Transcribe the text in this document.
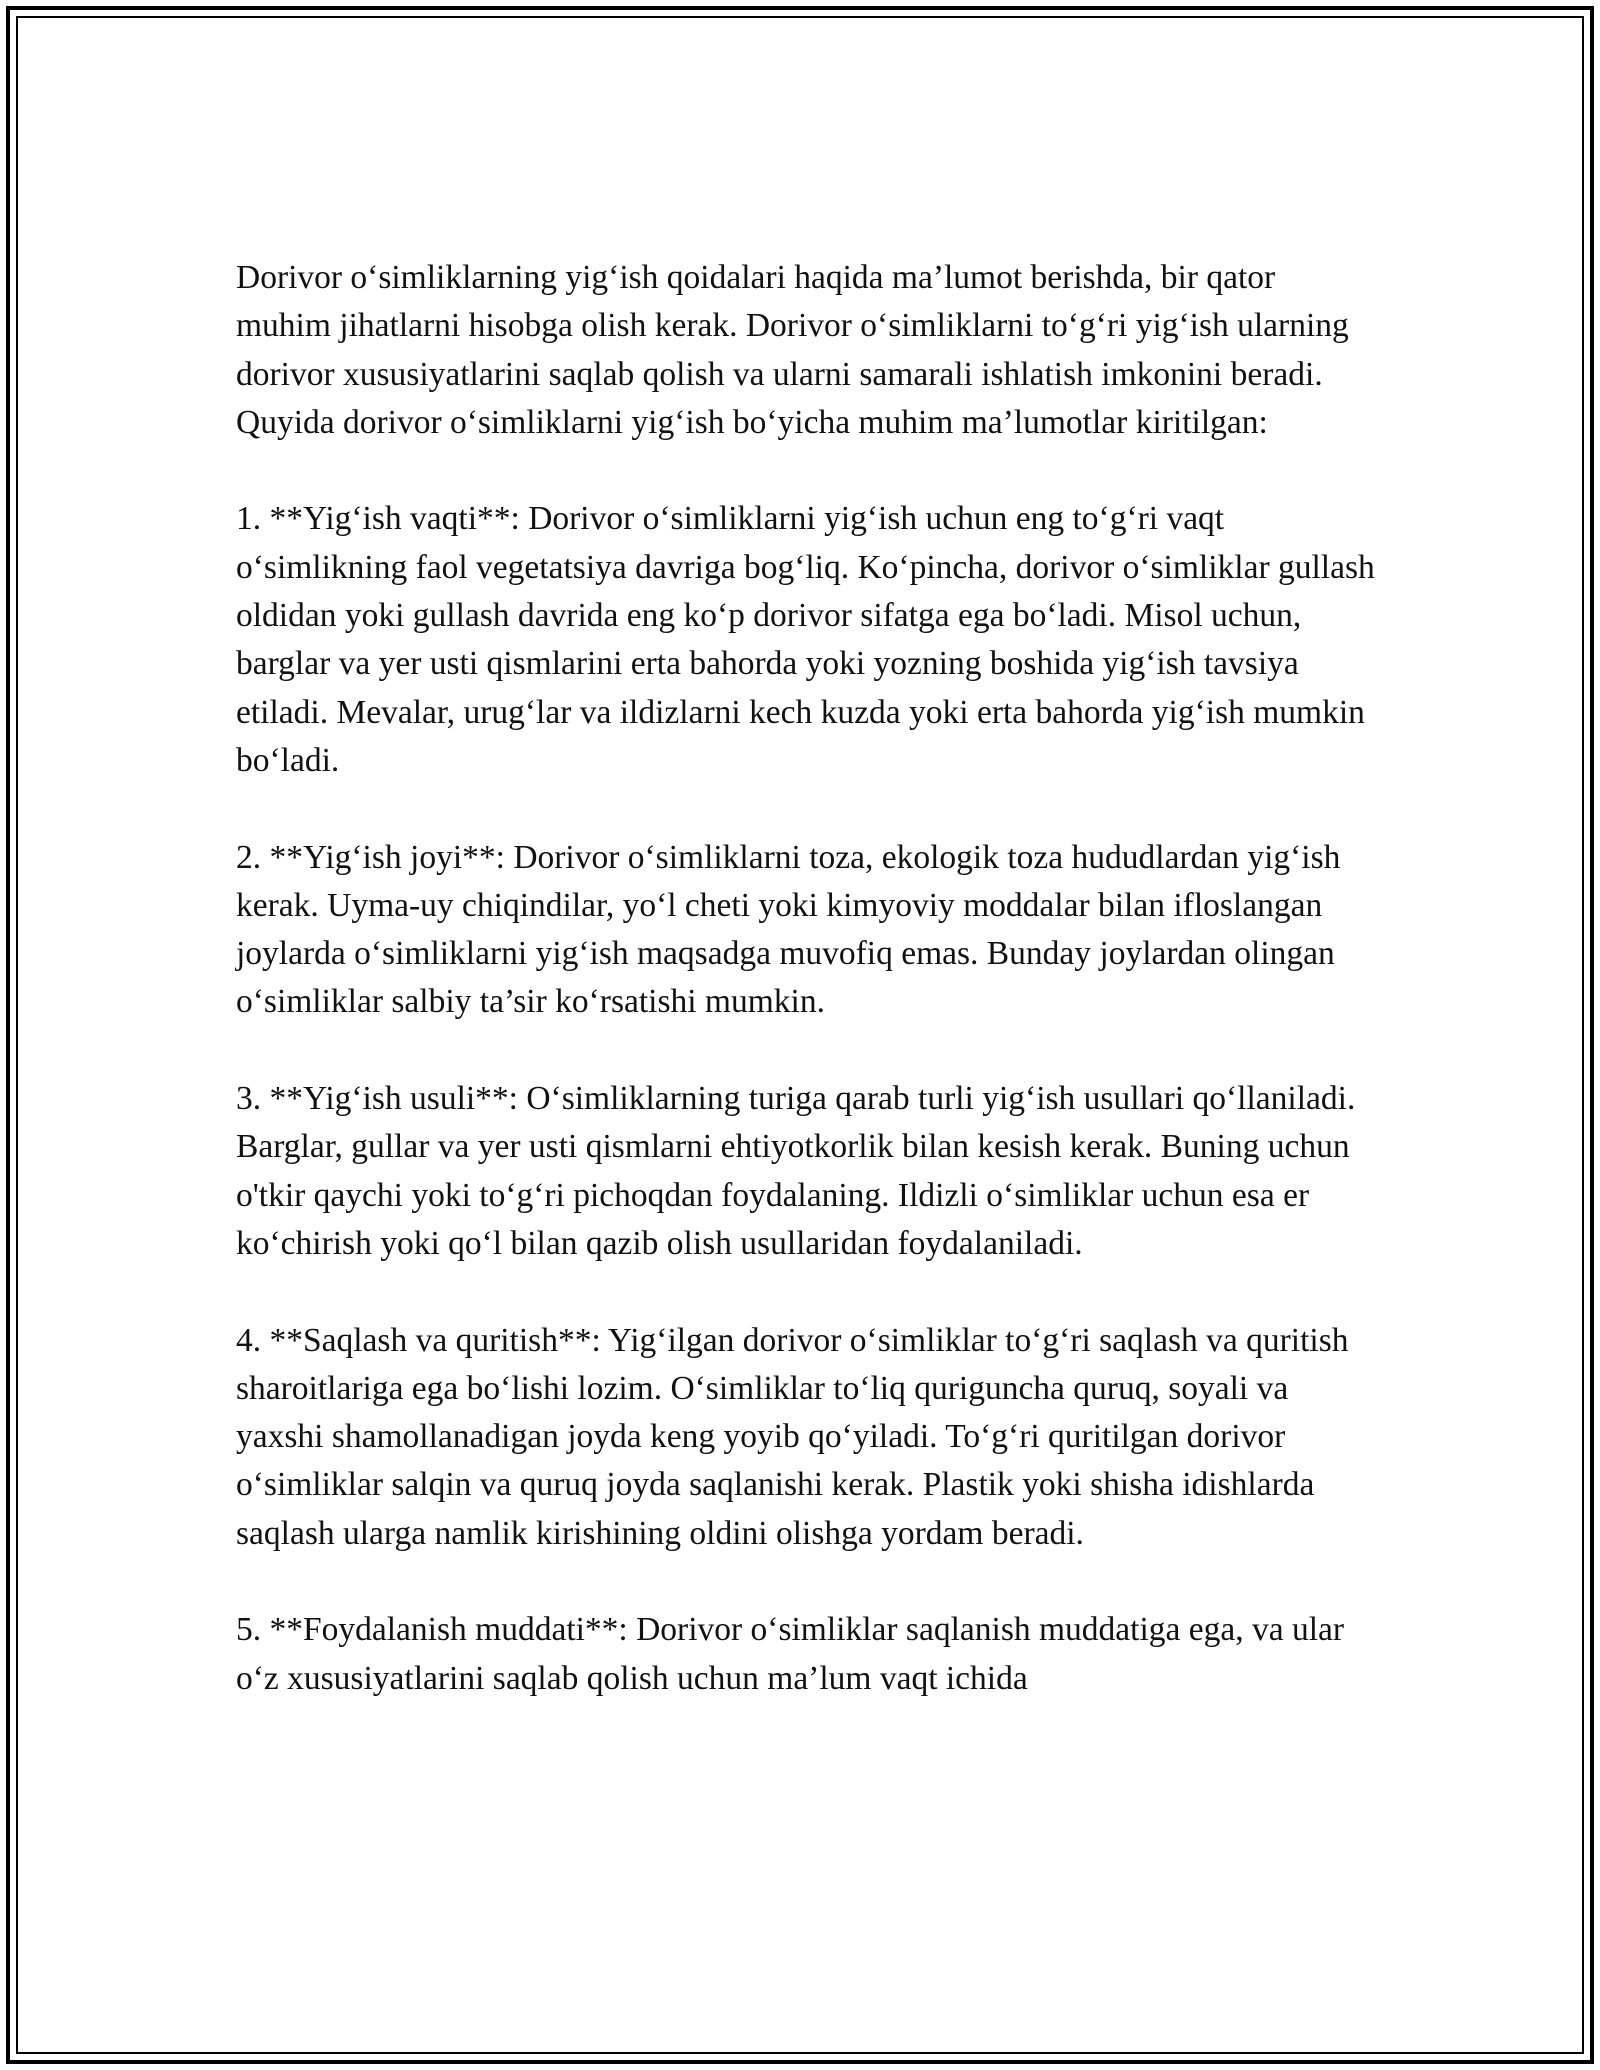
Dorivor o‘simliklarning yig‘ish qoidalari haqida ma’lumot berishda, bir qator muhim jihatlarni hisobga olish kerak. Dorivor o‘simliklarni to‘g‘ri yig‘ish ularning dorivor xususiyatlarini saqlab qolish va ularni samarali ishlatish imkonini beradi. Quyida dorivor o‘simliklarni yig‘ish bo‘yicha muhim ma’lumotlar kiritilgan:

1. **Yig‘ish vaqti**: Dorivor o‘simliklarni yig‘ish uchun eng to‘g‘ri vaqt o‘simlikning faol vegetatsiya davriga bog‘liq. Ko‘pincha, dorivor o‘simliklar gullash oldidan yoki gullash davrida eng ko‘p dorivor sifatga ega bo‘ladi. Misol uchun, barglar va yer usti qismlarini erta bahorda yoki yozning boshida yig‘ish tavsiya etiladi. Mevalar, urug‘lar va ildizlarni kech kuzda yoki erta bahorda yig‘ish mumkin bo‘ladi.

2. **Yig‘ish joyi**: Dorivor o‘simliklarni toza, ekologik toza hududlardan yig‘ish kerak. Uyma-uy chiqindilar, yo‘l cheti yoki kimyoviy moddalar bilan ifloslangan joylarda o‘simliklarni yig‘ish maqsadga muvofiq emas. Bunday joylardan olingan o‘simliklar salbiy ta’sir ko‘rsatishi mumkin.

3. **Yig‘ish usuli**: O‘simliklarning turiga qarab turli yig‘ish usullari qo‘llaniladi. Barglar, gullar va yer usti qismlarni ehtiyotkorlik bilan kesish kerak. Buning uchun o'tkir qaychi yoki to‘g‘ri pichoqdan foydalaning. Ildizli o‘simliklar uchun esa er ko‘chirish yoki qo‘l bilan qazib olish usullaridan foydalaniladi.

4. **Saqlash va quritish**: Yig‘ilgan dorivor o‘simliklar to‘g‘ri saqlash va quritish sharoitlariga ega bo‘lishi lozim. O‘simliklar to‘liq quriguncha quruq, soyali va yaxshi shamollanadigan joyda keng yoyib qo‘yiladi. To‘g‘ri quritilgan dorivor o‘simliklar salqin va quruq joyda saqlanishi kerak. Plastik yoki shisha idishlarda saqlash ularga namlik kirishining oldini olishga yordam beradi.

5. **Foydalanish muddati**: Dorivor o‘simliklar saqlanish muddatiga ega, va ular o‘z xususiyatlarini saqlab qolish uchun ma’lum vaqt ichida
